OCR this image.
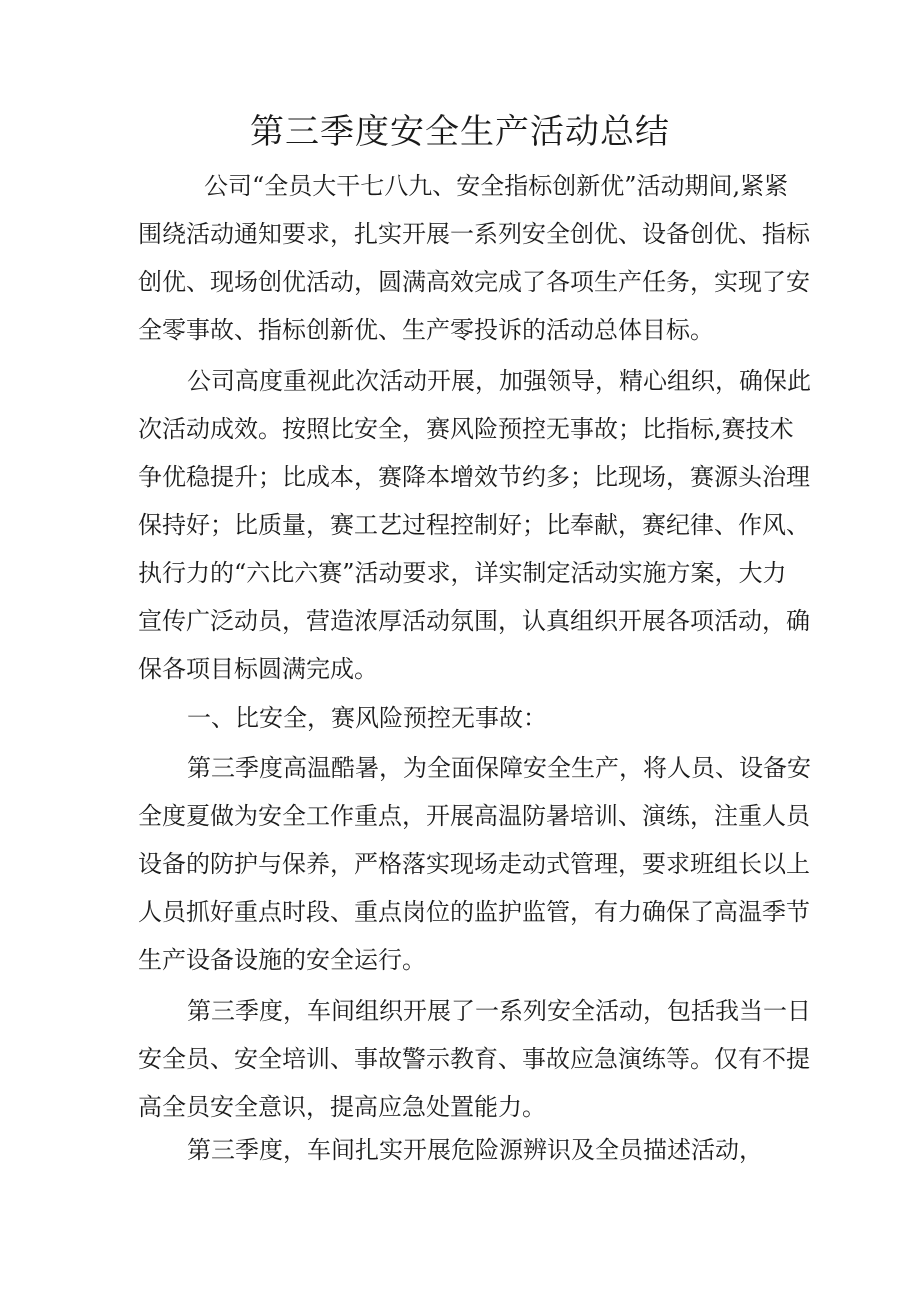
第三季度安全生产活动总结

公司“全员大干七八九、安全指标创新优”活动期间,紧紧

围绕活动通知要求，扎实开展一系列安全创优、设备创优、指标

创优、现场创优活动，圆满高效完成了各项生产任务，实现了安

全零事故、指标创新优、生产零投诉的活动总体目标。

公司高度重视此次活动开展，加强领导，精心组织，确保此

次活动成效。按照比安全，赛风险预控无事故；比指标,赛技术

争优稳提升；比成本，赛降本增效节约多；比现场，赛源头治理

保持好；比质量，赛工艺过程控制好；比奉献，赛纪律、作风、

执行力的“六比六赛”活动要求，详实制定活动实施方案，大力

宣传广泛动员，营造浓厚活动氛围，认真组织开展各项活动，确

保各项目标圆满完成。

一、比安全，赛风险预控无事故：

第三季度高温酷暑，为全面保障安全生产，将人员、设备安

全度夏做为安全工作重点，开展高温防暑培训、演练，注重人员

设备的防护与保养，严格落实现场走动式管理，要求班组长以上

人员抓好重点时段、重点岗位的监护监管，有力确保了高温季节

生产设备设施的安全运行。

第三季度，车间组织开展了一系列安全活动，包括我当一日

安全员、安全培训、事故警示教育、事故应急演练等。仅有不提

高全员安全意识，提高应急处置能力。

第三季度，车间扎实开展危险源辨识及全员描述活动，
